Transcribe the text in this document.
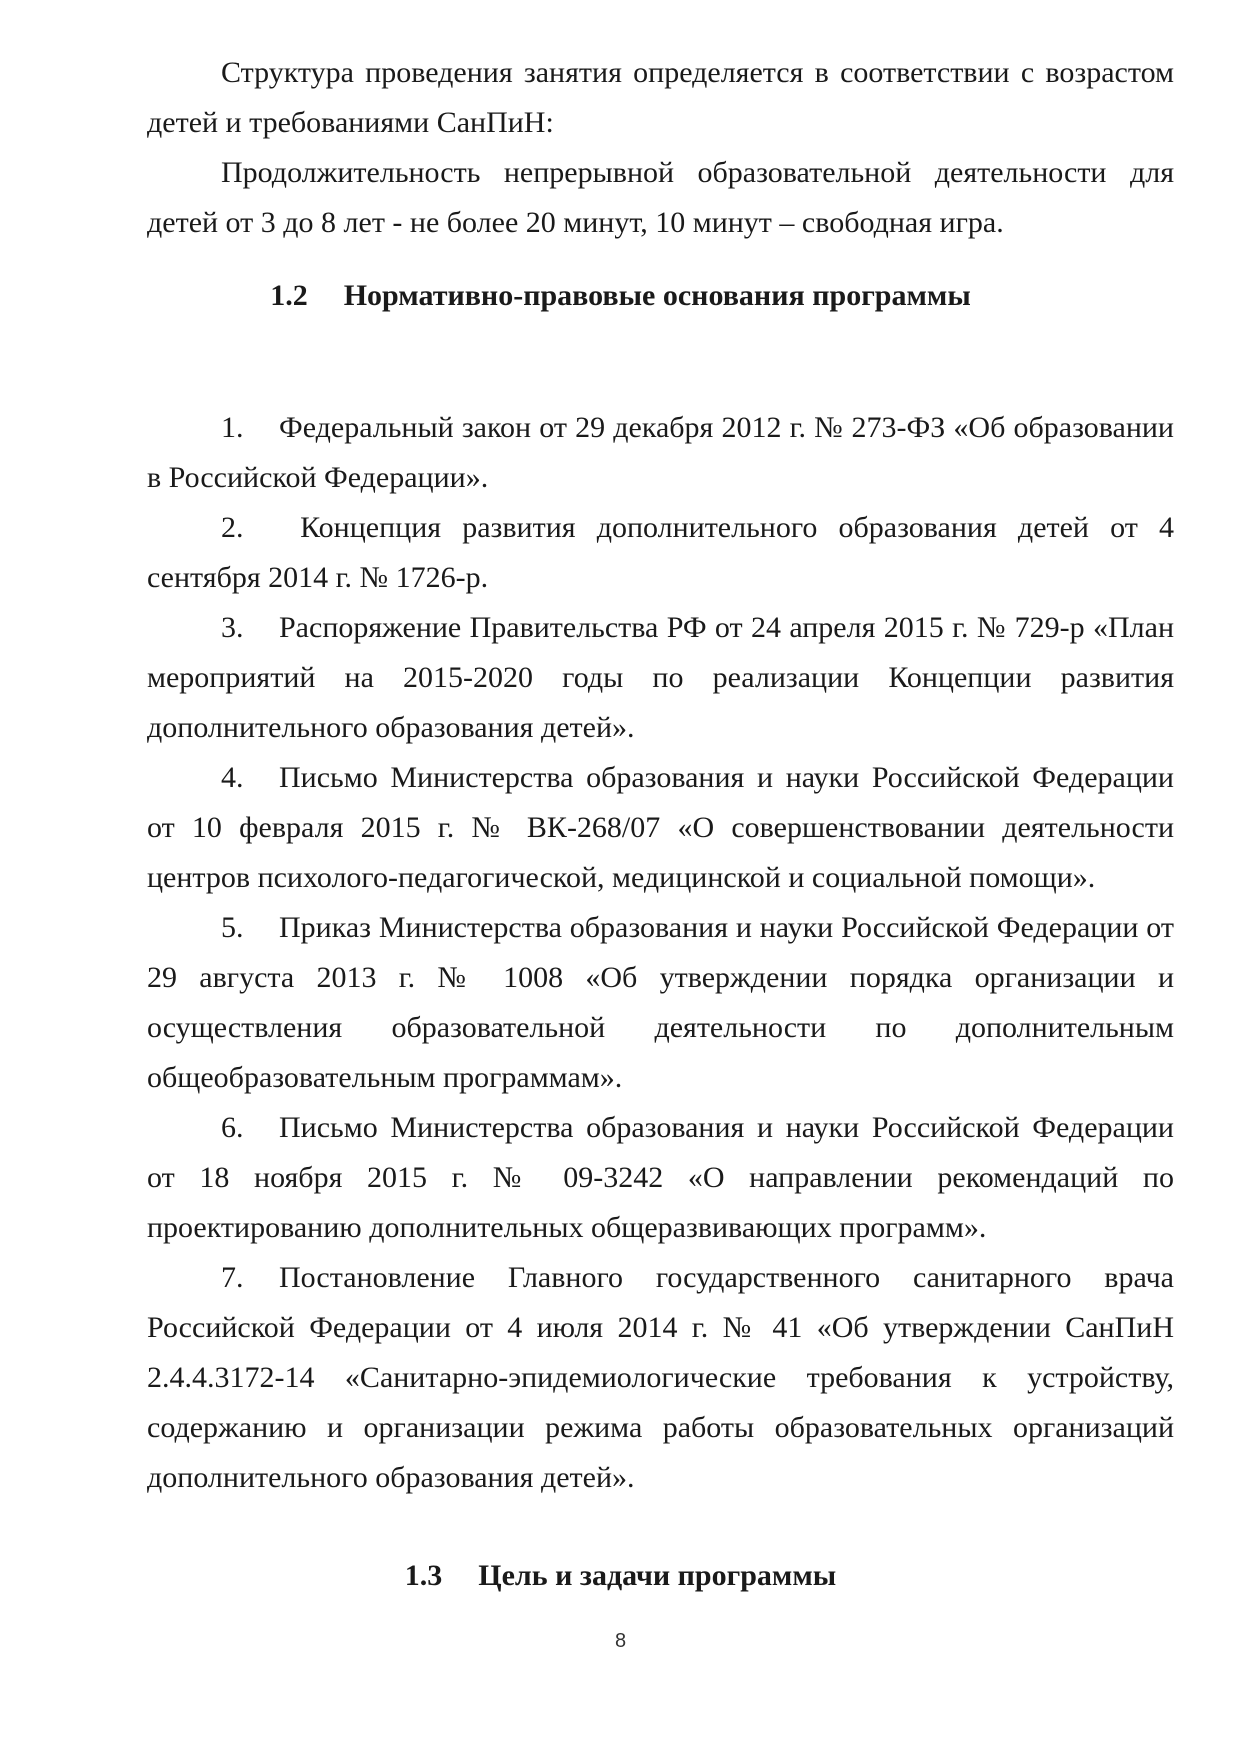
Структура проведения занятия определяется в соответствии с возрастом детей и требованиями СанПиН:

Продолжительность непрерывной образовательной деятельности для детей от 3 до 8 лет - не более 20 минут, 10 минут – свободная игра.

1.2 Нормативно-правовые основания программы

1. Федеральный закон от 29 декабря 2012 г. № 273-ФЗ «Об образовании в Российской Федерации».

2. Концепция развития дополнительного образования детей от 4 сентября 2014 г. № 1726-р.

3. Распоряжение Правительства РФ от 24 апреля 2015 г. № 729-р «План мероприятий на 2015-2020 годы по реализации Концепции развития дополнительного образования детей».

4. Письмо Министерства образования и науки Российской Федерации от 10 февраля 2015 г. № ВК-268/07 «О совершенствовании деятельности центров психолого-педагогической, медицинской и социальной помощи».

5. Приказ Министерства образования и науки Российской Федерации от 29 августа 2013 г. № 1008 «Об утверждении порядка организации и осуществления образовательной деятельности по дополнительным общеобразовательным программам».

6. Письмо Министерства образования и науки Российской Федерации от 18 ноября 2015 г. № 09-3242 «О направлении рекомендаций по проектированию дополнительных общеразвивающих программ».

7. Постановление Главного государственного санитарного врача Российской Федерации от 4 июля 2014 г. № 41 «Об утверждении СанПиН 2.4.4.3172-14 «Санитарно-эпидемиологические требования к устройству, содержанию и организации режима работы образовательных организаций дополнительного образования детей».

1.3 Цель и задачи программы
8
